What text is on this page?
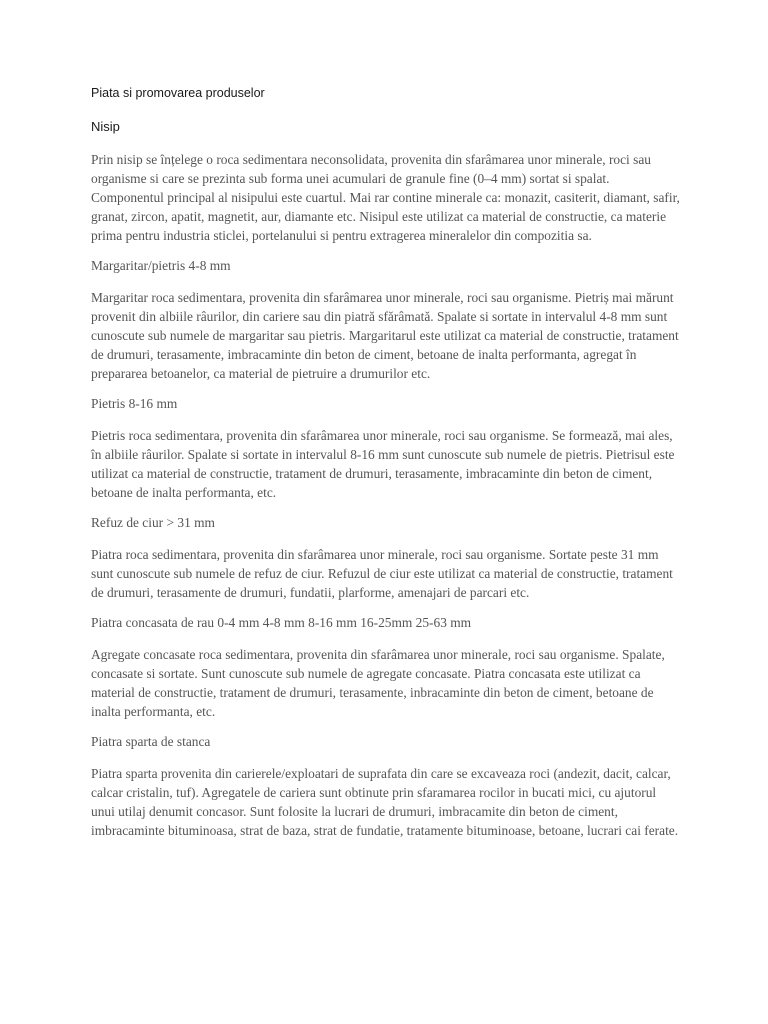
Piata si promovarea produselor
Nisip

Prin nisip se înțelege o roca sedimentara neconsolidata, provenita din sfarâmarea unor minerale, roci sau organisme si care se prezinta sub forma unei acumulari de granule fine (0–4 mm) sortat si spalat. Componentul principal al nisipului este cuartul. Mai rar contine minerale ca: monazit, casiterit, diamant, safir, granat, zircon, apatit, magnetit, aur, diamante etc. Nisipul este utilizat ca material de constructie, ca materie prima pentru industria sticlei, portelanului si pentru extragerea mineralelor din compozitia sa.

Margaritar/pietris 4-8 mm

Margaritar roca sedimentara, provenita din sfarâmarea unor minerale, roci sau organisme. Pietriș mai mărunt provenit din albiile râurilor, din cariere sau din piatră sfărâmată. Spalate si sortate in intervalul 4-8 mm sunt cunoscute sub numele de margaritar sau pietris. Margaritarul este utilizat ca material de constructie, tratament de drumuri, terasamente, imbracaminte din beton de ciment, betoane de inalta performanta, agregat în prepararea betoanelor, ca material de pietruire a drumurilor etc.

Pietris 8-16 mm

Pietris roca sedimentara, provenita din sfarâmarea unor minerale, roci sau organisme. Se formează, mai ales, în albiile râurilor. Spalate si sortate in intervalul 8-16 mm sunt cunoscute sub numele de pietris. Pietrisul este utilizat ca material de constructie, tratament de drumuri, terasamente, imbracaminte din beton de ciment, betoane de inalta performanta, etc.

Refuz de ciur > 31 mm

Piatra roca sedimentara, provenita din sfarâmarea unor minerale, roci sau organisme. Sortate peste 31 mm sunt cunoscute sub numele de refuz de ciur. Refuzul de ciur este utilizat ca material de constructie, tratament de drumuri, terasamente de drumuri, fundatii, plarforme, amenajari de parcari etc.

Piatra concasata de rau 0-4 mm 4-8 mm 8-16 mm 16-25mm 25-63 mm

Agregate concasate roca sedimentara, provenita din sfarâmarea unor minerale, roci sau organisme. Spalate, concasate si sortate. Sunt cunoscute sub numele de agregate concasate. Piatra concasata este utilizat ca material de constructie, tratament de drumuri, terasamente, inbracaminte din beton de ciment, betoane de inalta performanta, etc.

Piatra sparta de stanca

Piatra sparta provenita din carierele/exploatari de suprafata din care se excaveaza roci (andezit, dacit, calcar, calcar cristalin, tuf). Agregatele de cariera sunt obtinute prin sfaramarea rocilor in bucati mici, cu ajutorul unui utilaj denumit concasor. Sunt folosite la lucrari de drumuri, imbracamite din beton de ciment, imbracaminte bituminoasa, strat de baza, strat de fundatie, tratamente bituminoase, betoane, lucrari cai ferate.
